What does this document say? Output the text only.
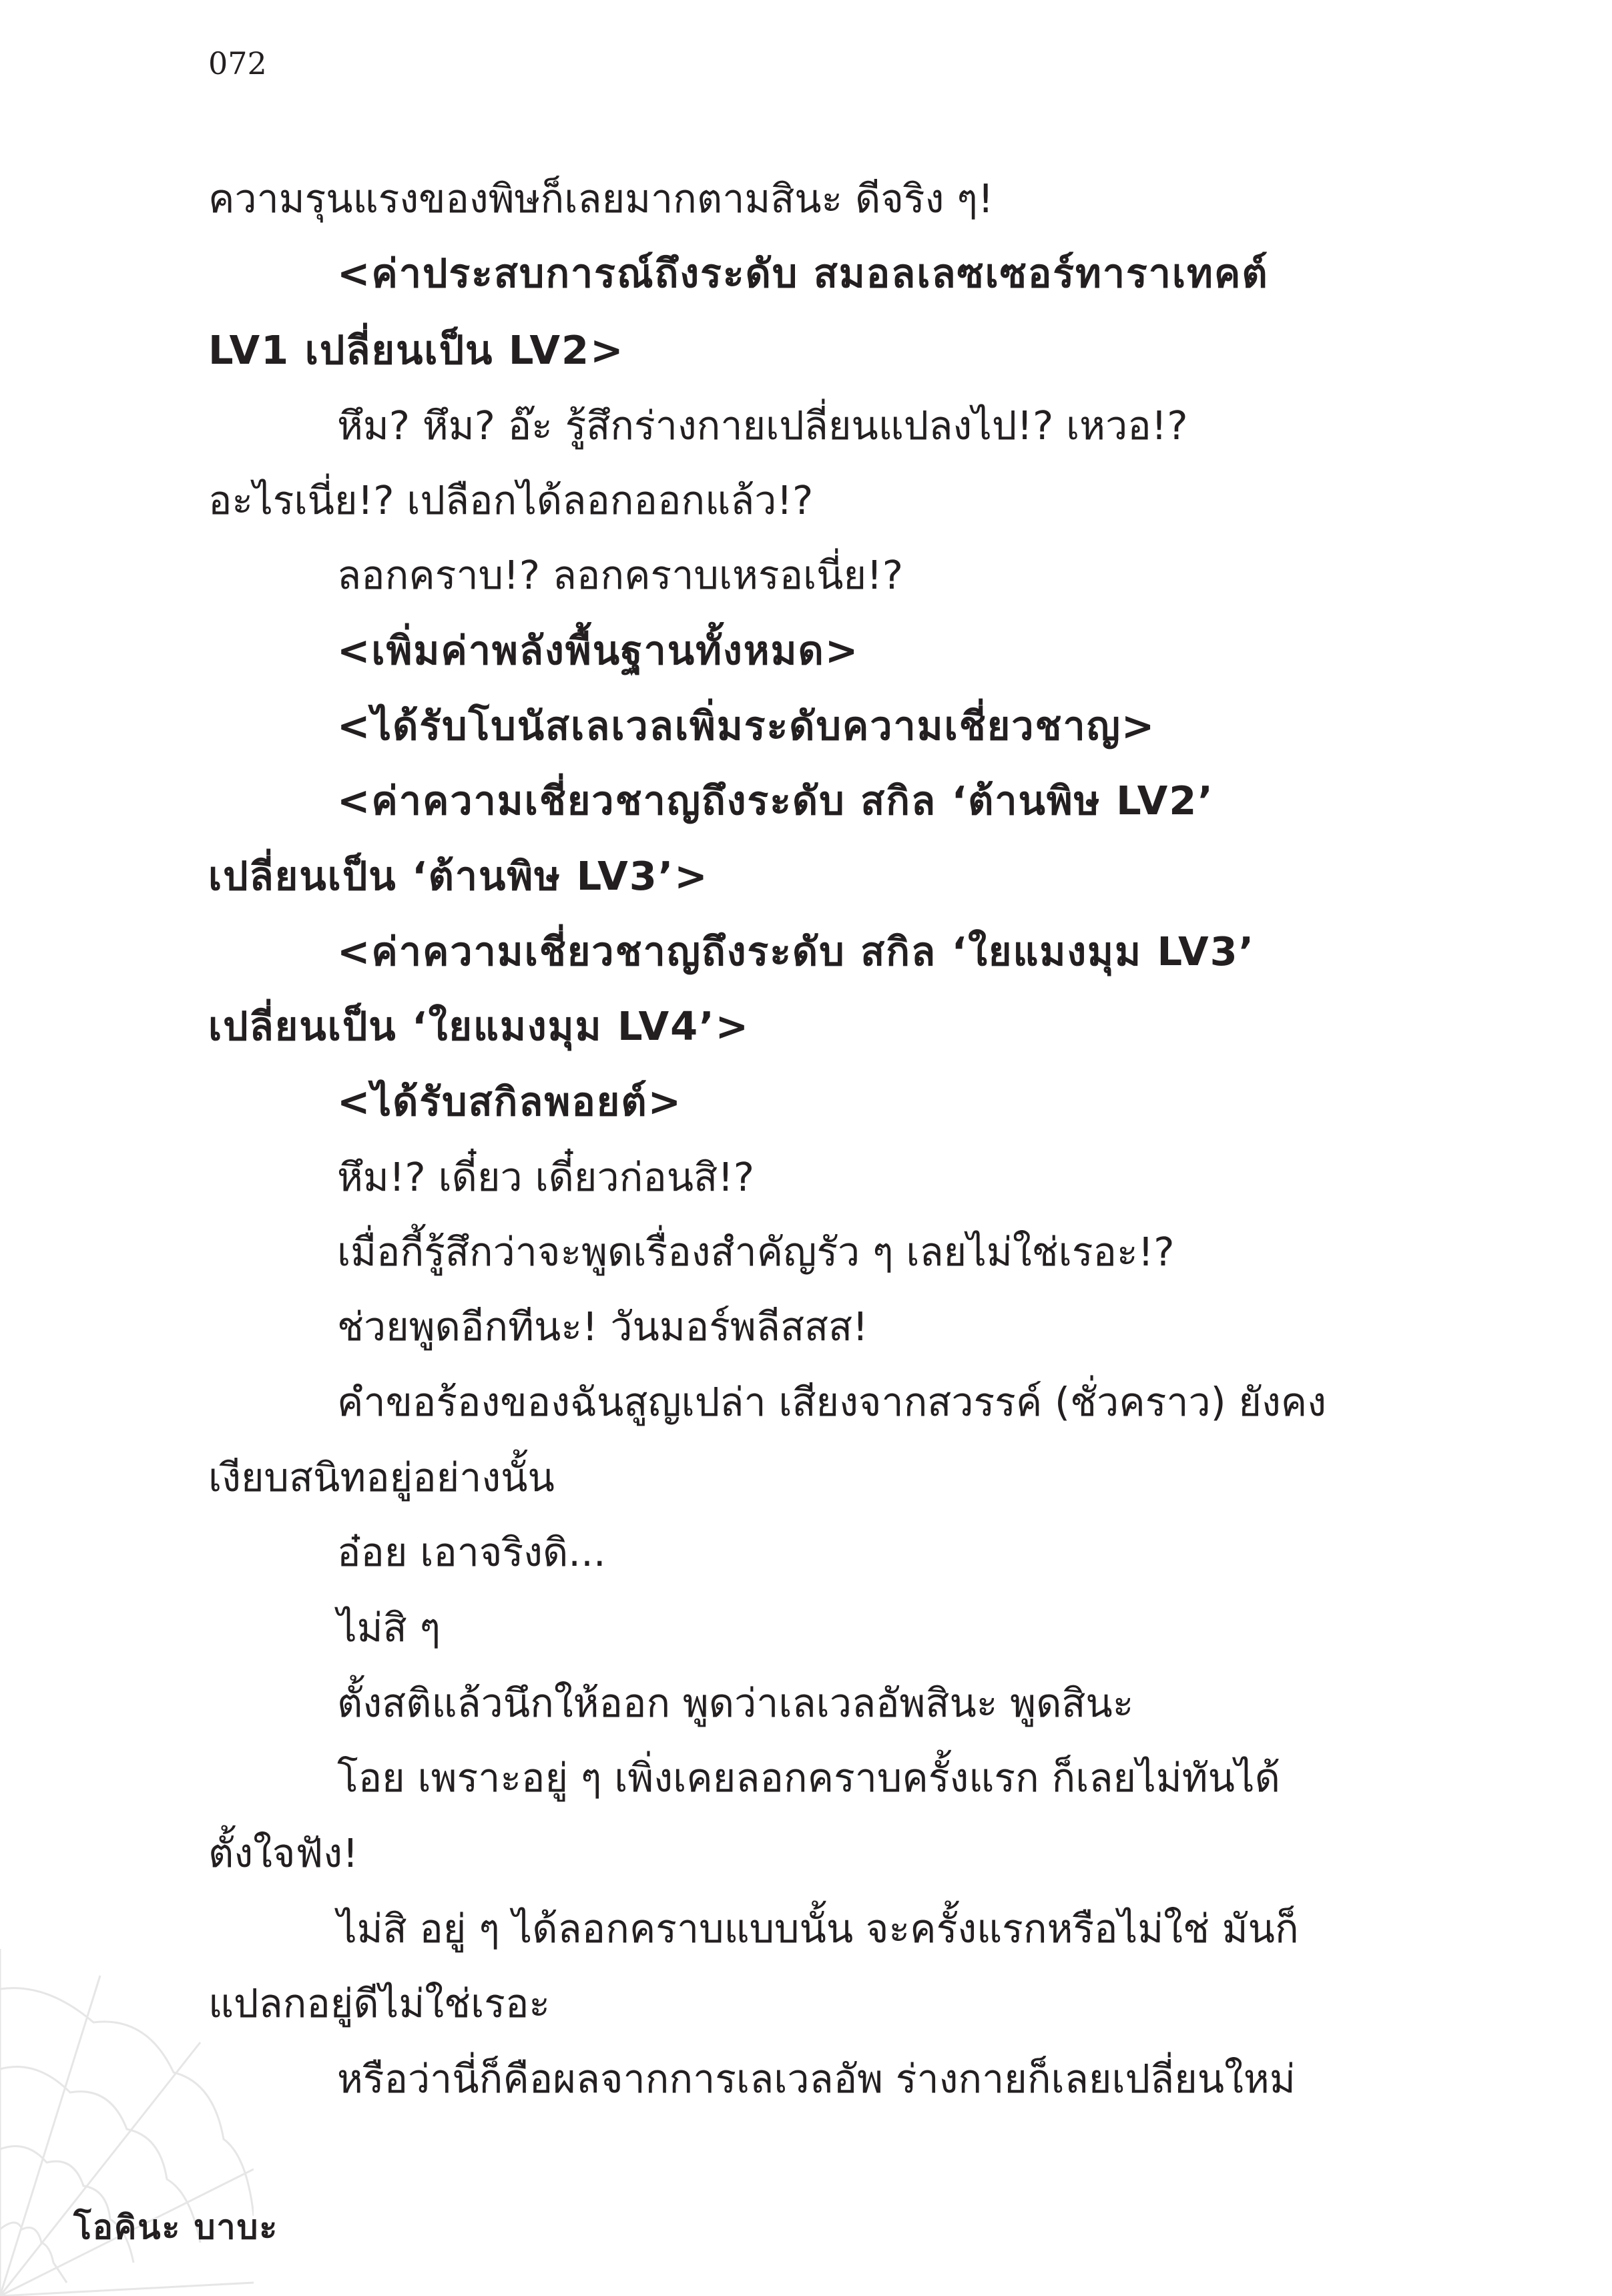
072
ความรุนแรงของพิษก็เลยมากตามสินะ ดีจริง ๆ!
<ค่าประสบการณ์ถึงระดับ สมอลเลซเซอร์ทาราเทคต์
LV1 เปลี่ยนเป็น LV2>
หึม? หึม? อ๊ะ รู้สึกร่างกายเปลี่ยนแปลงไป!? เหวอ!?
อะไรเนี่ย!? เปลือกได้ลอกออกแล้ว!?
ลอกคราบ!? ลอกคราบเหรอเนี่ย!?
<เพิ่มค่าพลังพื้นฐานทั้งหมด>
<ได้รับโบนัสเลเวลเพิ่มระดับความเชี่ยวชาญ>
<ค่าความเชี่ยวชาญถึงระดับ สกิล ‘ต้านพิษ LV2’
เปลี่ยนเป็น ‘ต้านพิษ LV3’>
<ค่าความเชี่ยวชาญถึงระดับ สกิล ‘ใยแมงมุม LV3’
เปลี่ยนเป็น ‘ใยแมงมุม LV4’>
<ได้รับสกิลพอยต์>
หึม!? เดี๋ยว เดี๋ยวก่อนสิ!?
เมื่อกี้รู้สึกว่าจะพูดเรื่องสำคัญรัว ๆ เลยไม่ใช่เรอะ!?
ช่วยพูดอีกทีนะ! วันมอร์พลีสสส!
คำขอร้องของฉันสูญเปล่า เสียงจากสวรรค์ (ชั่วคราว) ยังคง
เงียบสนิทอยู่อย่างนั้น
อ๋อย เอาจริงดิ...
ไม่สิ ๆ
ตั้งสติแล้วนึกให้ออก พูดว่าเลเวลอัพสินะ พูดสินะ
โอย เพราะอยู่ ๆ เพิ่งเคยลอกคราบครั้งแรก ก็เลยไม่ทันได้
ตั้งใจฟัง!
ไม่สิ อยู่ ๆ ได้ลอกคราบแบบนั้น จะครั้งแรกหรือไม่ใช่ มันก็
แปลกอยู่ดีไม่ใช่เรอะ
หรือว่านี่ก็คือผลจากการเลเวลอัพ ร่างกายก็เลยเปลี่ยนใหม่
โอคินะ บาบะ
